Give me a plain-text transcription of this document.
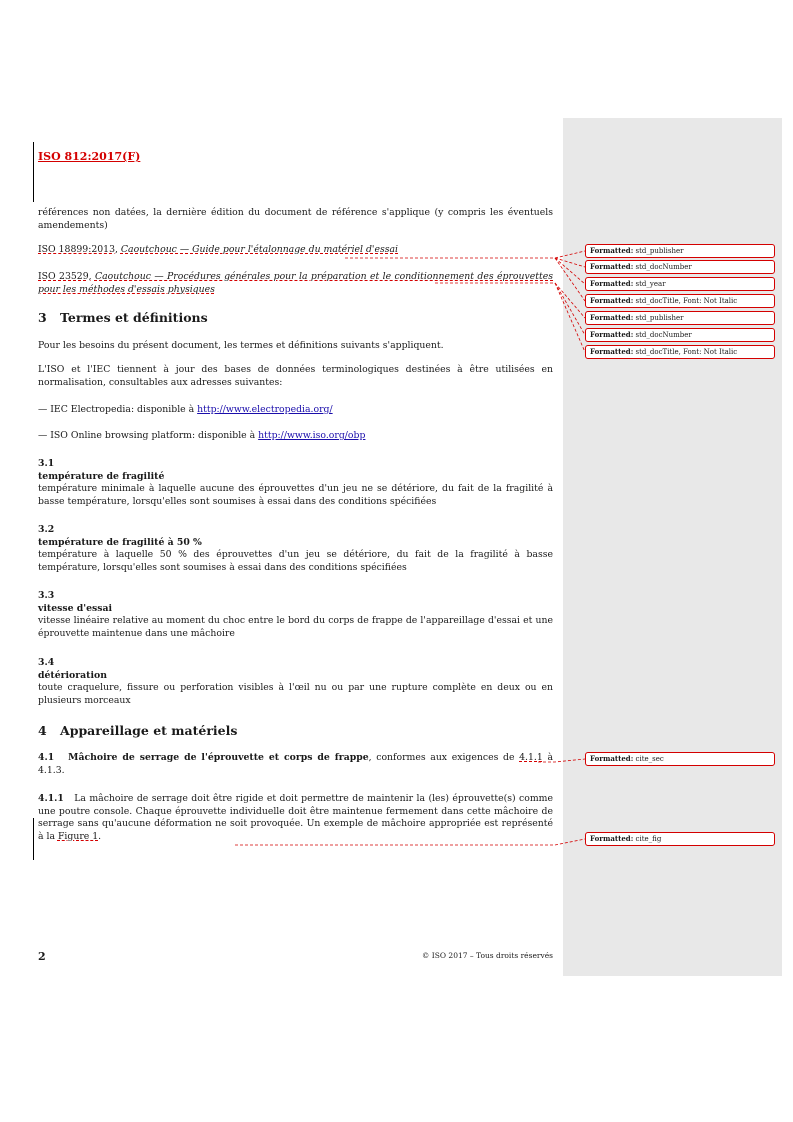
ISO 812:2017(F)
références non datées, la dernière édition du document de référence s'applique (y compris les éventuels amendements)
ISO 18899:2013, Caoutchouc — Guide pour l'étalonnage du matériel d'essai
ISO 23529, Caoutchouc — Procédures générales pour la préparation et le conditionnement des éprouvettes pour les méthodes d'essais physiques
3 Termes et définitions
Pour les besoins du présent document, les termes et définitions suivants s'appliquent.
L'ISO et l'IEC tiennent à jour des bases de données terminologiques destinées à être utilisées en normalisation, consultables aux adresses suivantes:
— IEC Electropedia: disponible à http://www.electropedia.org/
— ISO Online browsing platform: disponible à http://www.iso.org/obp
3.1
température de fragilité
température minimale à laquelle aucune des éprouvettes d'un jeu ne se détériore, du fait de la fragilité à basse température, lorsqu'elles sont soumises à essai dans des conditions spécifiées
3.2
température de fragilité à 50 %
température à laquelle 50 % des éprouvettes d'un jeu se détériore, du fait de la fragilité à basse température, lorsqu'elles sont soumises à essai dans des conditions spécifiées
3.3
vitesse d'essai
vitesse linéaire relative au moment du choc entre le bord du corps de frappe de l'appareillage d'essai et une éprouvette maintenue dans une mâchoire
3.4
détérioration
toute craquelure, fissure ou perforation visibles à l'œil nu ou par une rupture complète en deux ou en plusieurs morceaux
4 Appareillage et matériels
4.1 Mâchoire de serrage de l'éprouvette et corps de frappe, conformes aux exigences de 4.1.1 à 4.1.3.
4.1.1 La mâchoire de serrage doit être rigide et doit permettre de maintenir la (les) éprouvette(s) comme une poutre console. Chaque éprouvette individuelle doit être maintenue fermement dans cette mâchoire de serrage sans qu'aucune déformation ne soit provoquée. Un exemple de mâchoire appropriée est représenté à la Figure 1.
2	© ISO 2017 – Tous droits réservés
Formatted: std_publisher
Formatted: std_docNumber
Formatted: std_year
Formatted: std_docTitle, Font: Not Italic
Formatted: std_publisher
Formatted: std_docNumber
Formatted: std_docTitle, Font: Not Italic
Formatted: cite_sec
Formatted: cite_fig
